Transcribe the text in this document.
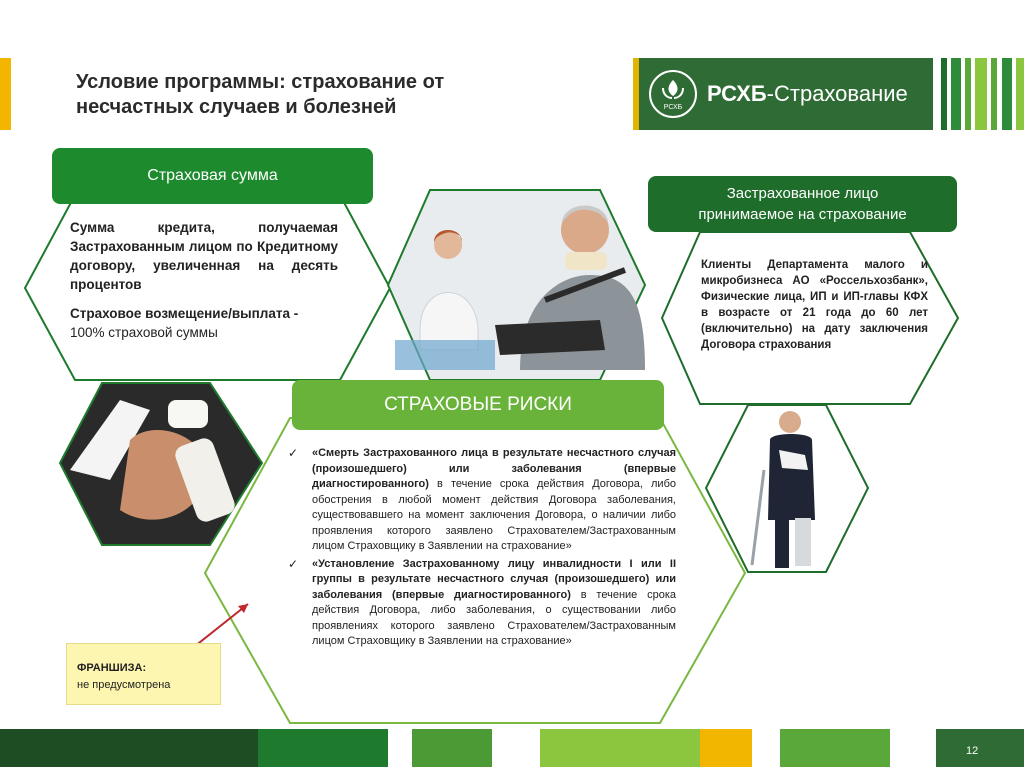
Условие программы: страхование от
несчастных случаев и болезней	РСХБ
РСХБ-Страхование
Страховая сумма

Сумма кредита, получаемая Застрахованным лицом по Кредитному договору, увеличенная на десять процентов

Страховое возмещение/выплата -
100% страховой суммы

Застрахованное лицо
принимаемое на страхование
Клиенты Департамента малого и микробизнеса АО «Россельхозбанк», Физические лица, ИП и ИП-главы КФХ в возрасте от 21 года до 60 лет (включительно) на дату заключения Договора страхования
СТРАХОВЫЕ РИСКИ
✓ «Смерть Застрахованного лица в результате несчастного случая (произошедшего) или заболевания (впервые диагностированного) в течение срока действия Договора, либо обострения в любой момент действия Договора заболевания, существовавшего на момент заключения Договора, о наличии либо проявления которого заявлено Страхователем/Застрахованным лицом Страховщику в Заявлении на страхование»
✓ «Установление Застрахованному лицу инвалидности I или II группы в результате несчастного случая (произошедшего) или заболевания (впервые диагностированного) в течение срока действия Договора, либо заболевания, о существовании либо проявлениях которого заявлено Страхователем/Застрахованным лицом Страховщику в Заявлении на страхование»
ФРАНШИЗА:
не предусмотрена
12
